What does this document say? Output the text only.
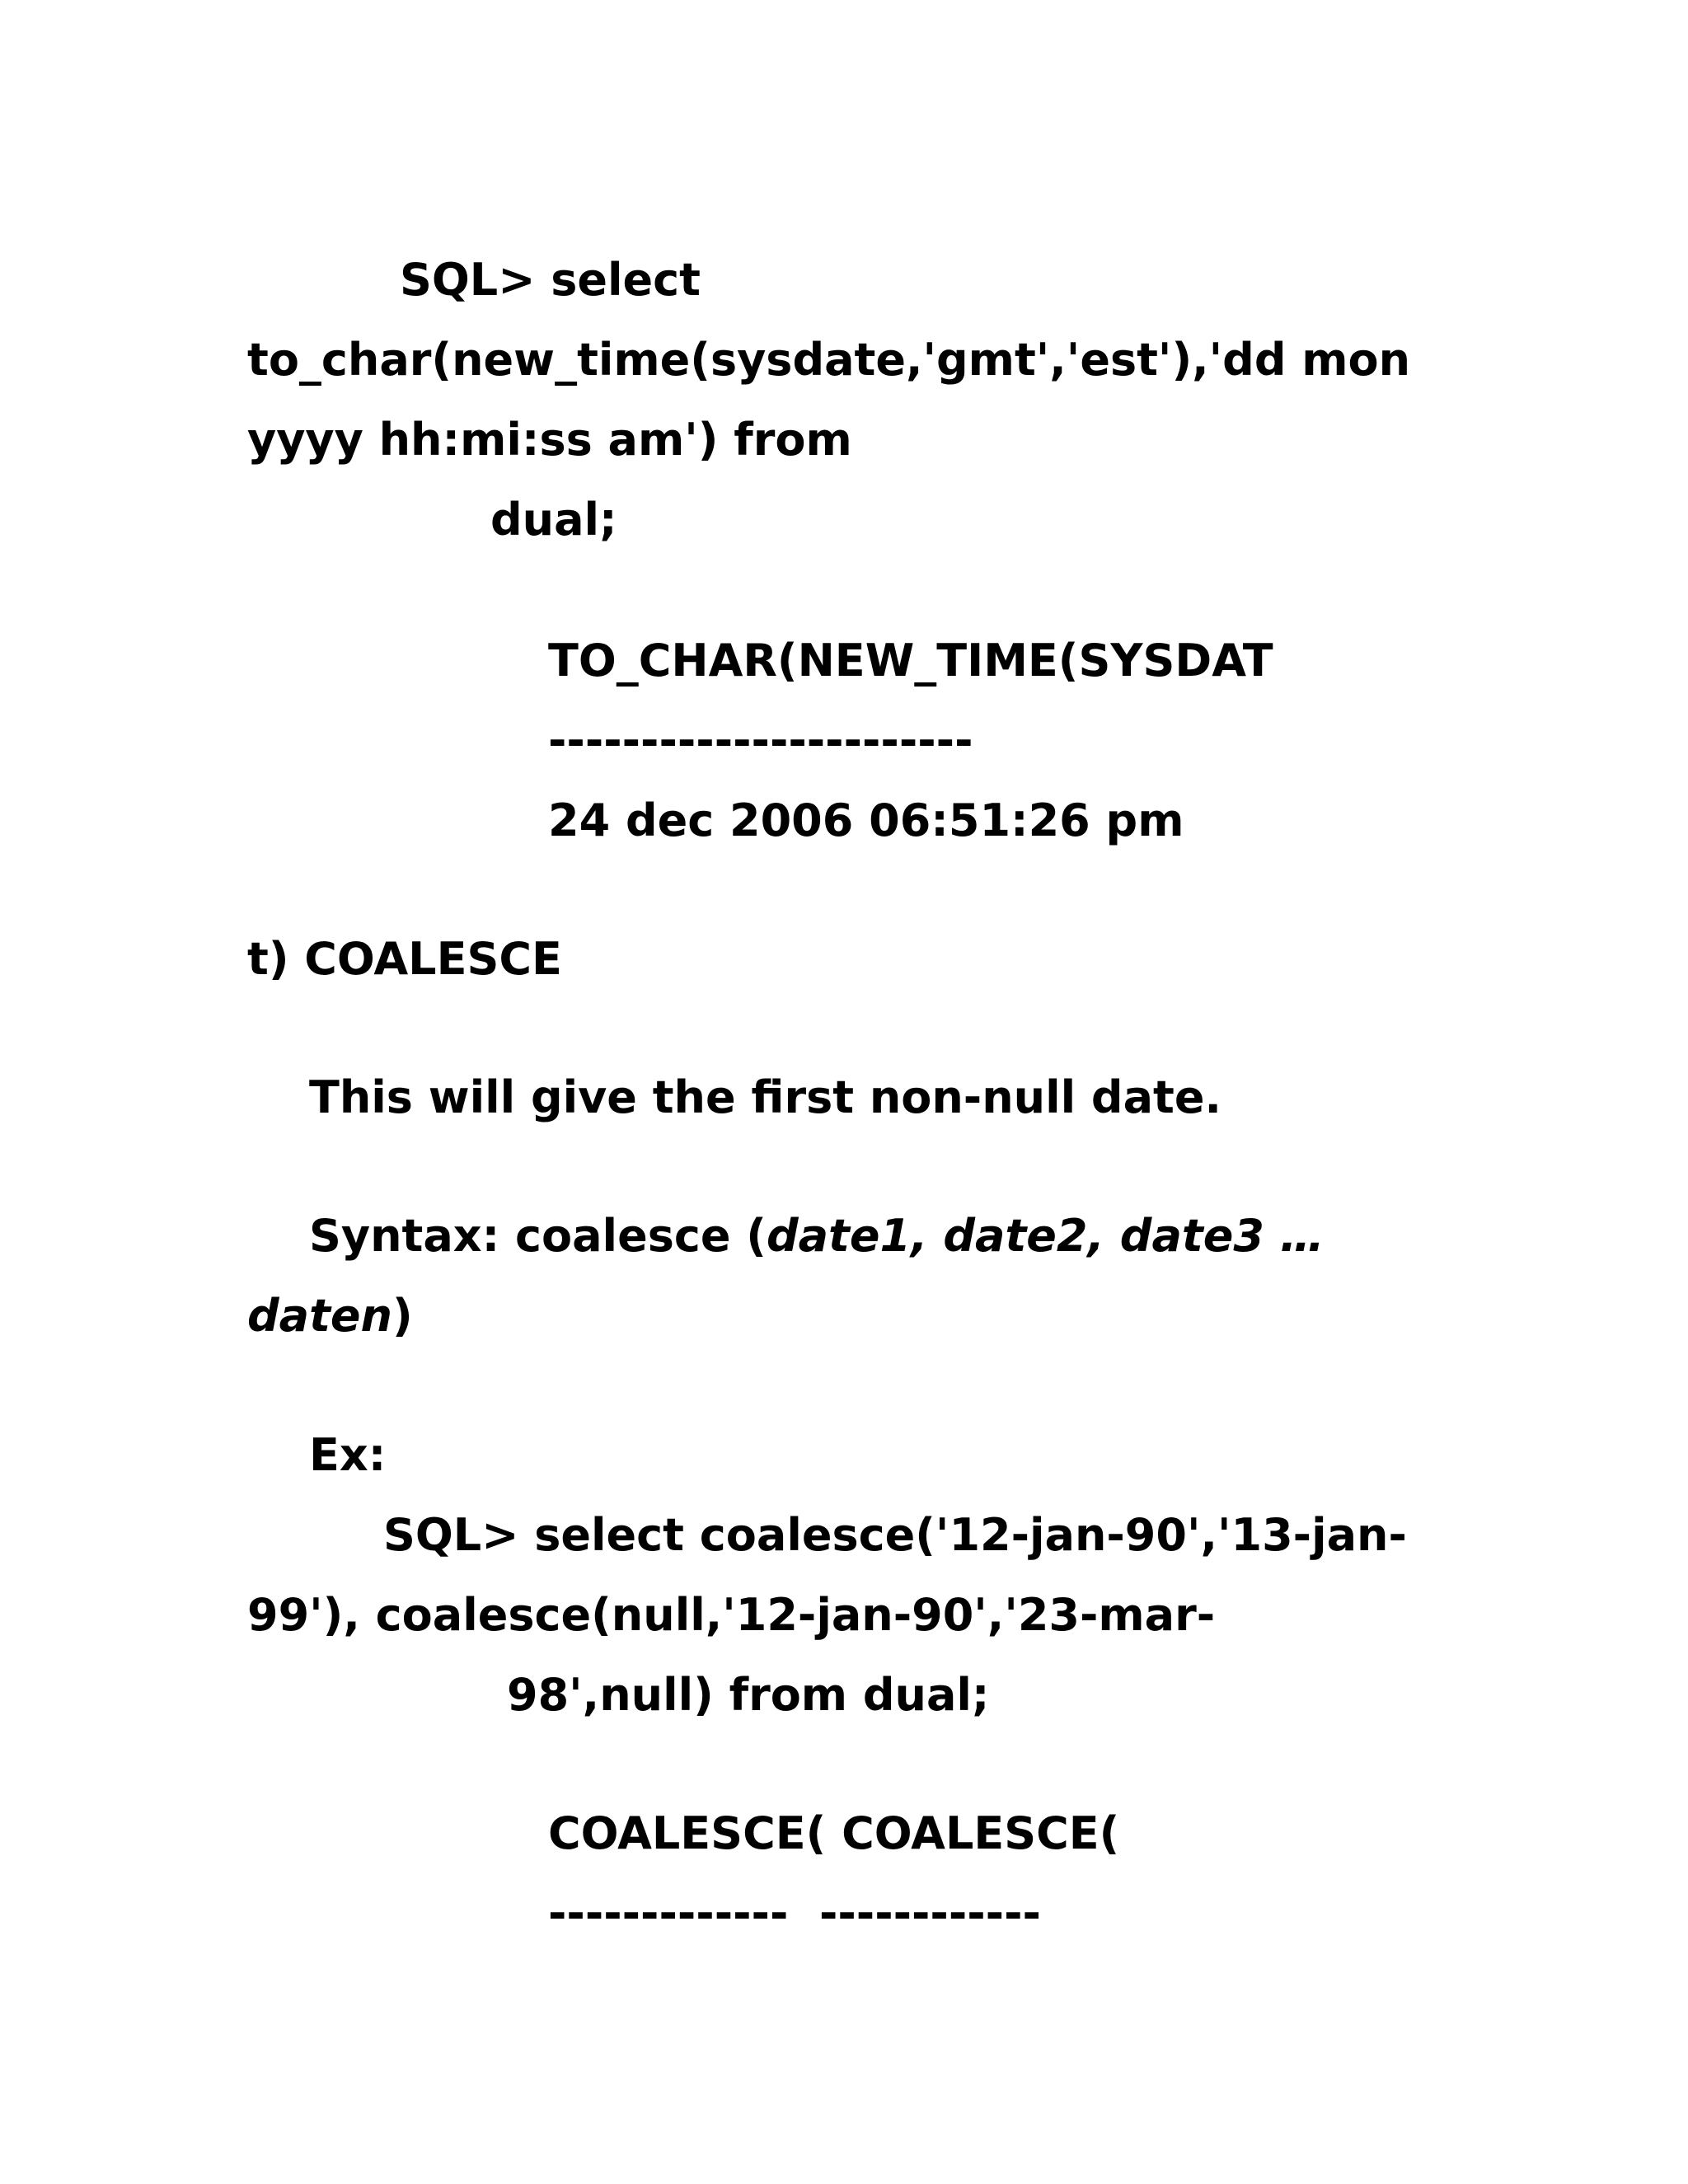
SQL> select

to_char(new_time(sysdate,'gmt','est'),'dd mon

yyyy hh:mi:ss am') from

dual;

TO_CHAR(NEW_TIME(SYSDAT

-----------------------

24 dec 2006 06:51:26 pm

t) COALESCE

This will give the first non-null date.

Syntax: coalesce (date1, date2, date3 …

daten)

Ex:

SQL> select coalesce('12-jan-90','13-jan-

99'), coalesce(null,'12-jan-90','23-mar-

98',null) from dual;

COALESCE( COALESCE(

-------------  ------------
